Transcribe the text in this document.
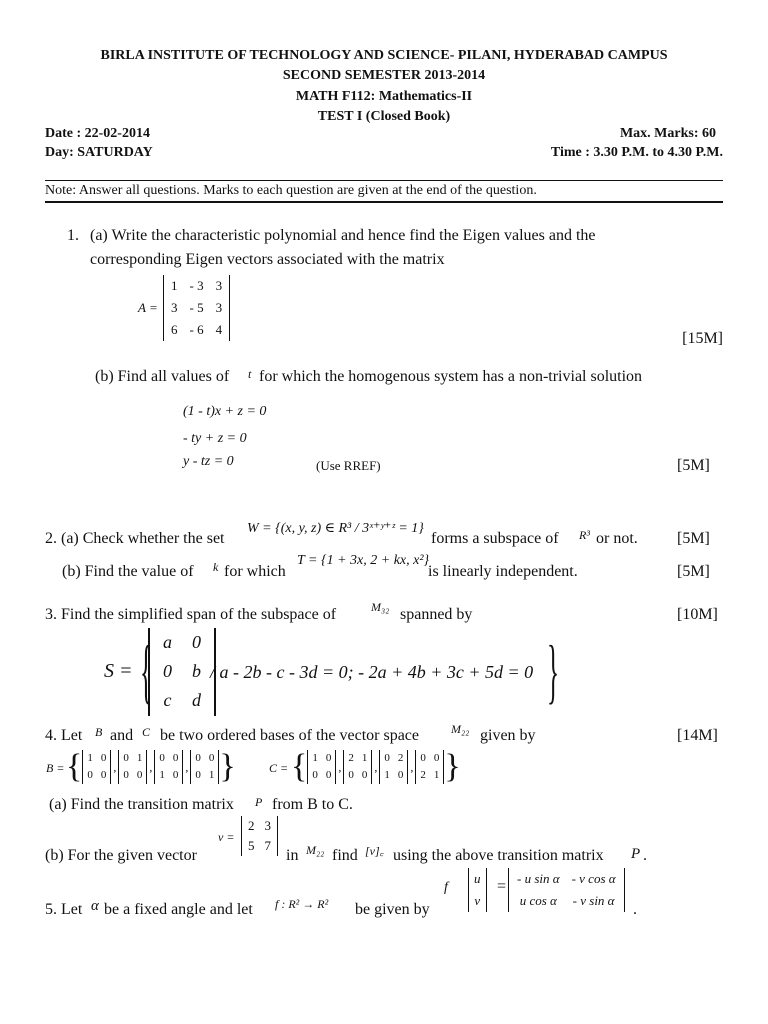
BIRLA INSTITUTE OF TECHNOLOGY AND SCIENCE- PILANI, HYDERABAD CAMPUS
SECOND SEMESTER 2013-2014
MATH F112: Mathematics-II
TEST I (Closed Book)
Date : 22-02-2014	Max. Marks: 60
Day: SATURDAY	Time : 3.30 P.M. to 4.30 P.M.
Note: Answer all questions. Marks to each question are given at the end of the question.
1. (a) Write the characteristic polynomial and hence find the Eigen values and the
corresponding Eigen vectors associated with the matrix
A =
1	- 3	3
3	- 5	3
6	- 6	4
[15M]
(b) Find all values of t for which the homogenous system has a non-trivial solution
(1 - t)x + z = 0
- ty + z = 0
y - tz = 0	(Use RREF)	[5M]
2. (a) Check whether the set
W = {(x, y, z) ∈ R³ / 3ˣ⁺ʸ⁺ᶻ = 1}
forms a subspace of R³ or not. [5M]
(b) Find the value of k for which
T = {1 + 3x, 2 + kx, x²}
is linearly independent.	[5M]
3. Find the simplified span of the subspace of	M₃₂ spanned by	[10M]
S = {	}
a	0
0	b
c	d
/ a - 2b - c - 3d = 0; - 2a + 4b + 3c + 5d = 0
4. Let B and C be two ordered bases of the vector space	M₂₂ given by	[14M]
B = { 1	0
0	0
,
0	1
0	0
,
0	0
1	0
,
0	0
0	1 }	C = { 1	0
0	0
,
2	1
0	0
,
0	2
1	0
,
0	0
2	1 }
(a) Find the transition matrix P from B to C.
v =
2	3
5	7
(b) For the given vector	in M₂₂ find [v]꜀ using the above transition matrix P .
5. Let α be a fixed angle and let f : R² → R² be given by
f
u
v
= - u sin α	- v cos α
u cos α	- v sin α
.
